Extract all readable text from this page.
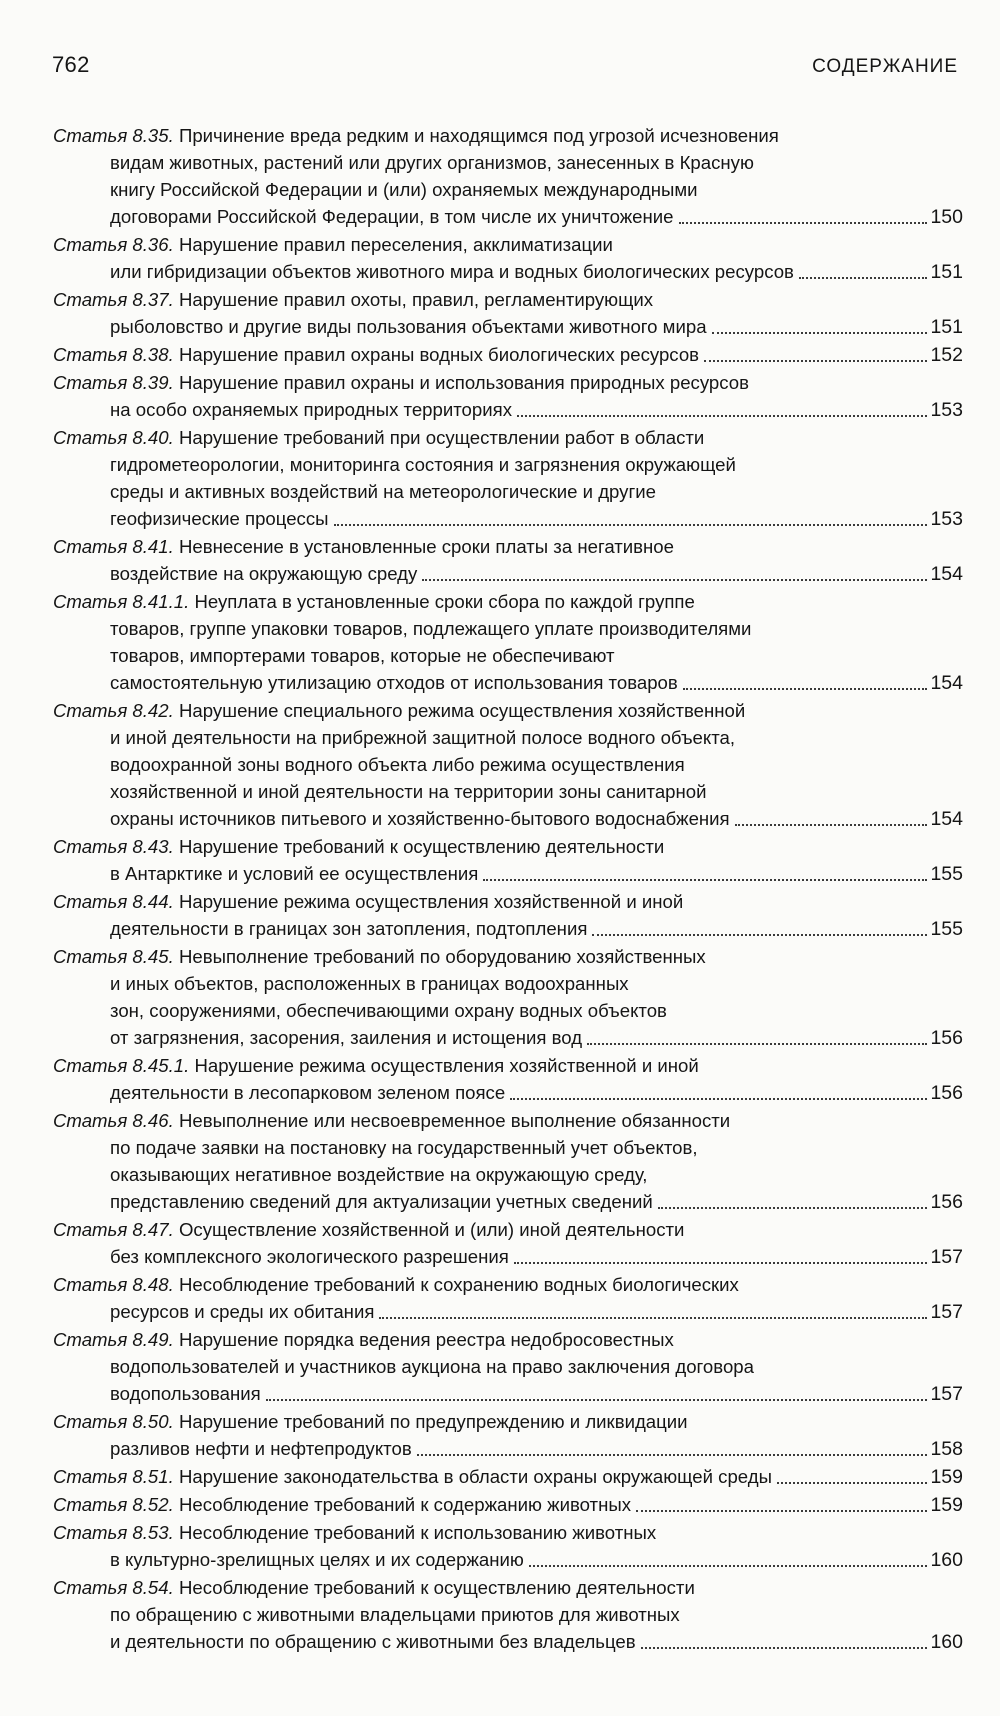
762	СОДЕРЖАНИЕ
Статья 8.35. Причинение вреда редким и находящимся под угрозой исчезновения
видам животных, растений или других организмов, занесенных в Красную
книгу Российской Федерации и (или) охраняемых международными
договорами Российской Федерации, в том числе их уничтожение	150
Статья 8.36. Нарушение правил переселения, акклиматизации
или гибридизации объектов животного мира и водных биологических ресурсов	151
Статья 8.37. Нарушение правил охоты, правил, регламентирующих
рыболовство и другие виды пользования объектами животного мира	151
Статья 8.38. Нарушение правил охраны водных биологических ресурсов	152
Статья 8.39. Нарушение правил охраны и использования природных ресурсов
на особо охраняемых природных территориях	153
Статья 8.40. Нарушение требований при осуществлении работ в области
гидрометеорологии, мониторинга состояния и загрязнения окружающей
среды и активных воздействий на метеорологические и другие
геофизические процессы	153
Статья 8.41. Невнесение в установленные сроки платы за негативное
воздействие на окружающую среду	154
Статья 8.41.1. Неуплата в установленные сроки сбора по каждой группе
товаров, группе упаковки товаров, подлежащего уплате производителями
товаров, импортерами товаров, которые не обеспечивают
самостоятельную утилизацию отходов от использования товаров	154
Статья 8.42. Нарушение специального режима осуществления хозяйственной
и иной деятельности на прибрежной защитной полосе водного объекта,
водоохранной зоны водного объекта либо режима осуществления
хозяйственной и иной деятельности на территории зоны санитарной
охраны источников питьевого и хозяйственно-бытового водоснабжения	154
Статья 8.43. Нарушение требований к осуществлению деятельности
в Антарктике и условий ее осуществления	155
Статья 8.44. Нарушение режима осуществления хозяйственной и иной
деятельности в границах зон затопления, подтопления	155
Статья 8.45. Невыполнение требований по оборудованию хозяйственных
и иных объектов, расположенных в границах водоохранных
зон, сооружениями, обеспечивающими охрану водных объектов
от загрязнения, засорения, заиления и истощения вод	156
Статья 8.45.1. Нарушение режима осуществления хозяйственной и иной
деятельности в лесопарковом зеленом поясе	156
Статья 8.46. Невыполнение или несвоевременное выполнение обязанности
по подаче заявки на постановку на государственный учет объектов,
оказывающих негативное воздействие на окружающую среду,
представлению сведений для актуализации учетных сведений	156
Статья 8.47. Осуществление хозяйственной и (или) иной деятельности
без комплексного экологического разрешения	157
Статья 8.48. Несоблюдение требований к сохранению водных биологических
ресурсов и среды их обитания	157
Статья 8.49. Нарушение порядка ведения реестра недобросовестных
водопользователей и участников аукциона на право заключения договора
водопользования	157
Статья 8.50. Нарушение требований по предупреждению и ликвидации
разливов нефти и нефтепродуктов	158
Статья 8.51. Нарушение законодательства в области охраны окружающей среды	159
Статья 8.52. Несоблюдение требований к содержанию животных	159
Статья 8.53. Несоблюдение требований к использованию животных
в культурно-зрелищных целях и их содержанию	160
Статья 8.54. Несоблюдение требований к осуществлению деятельности
по обращению с животными владельцами приютов для животных
и деятельности по обращению с животными без владельцев	160
